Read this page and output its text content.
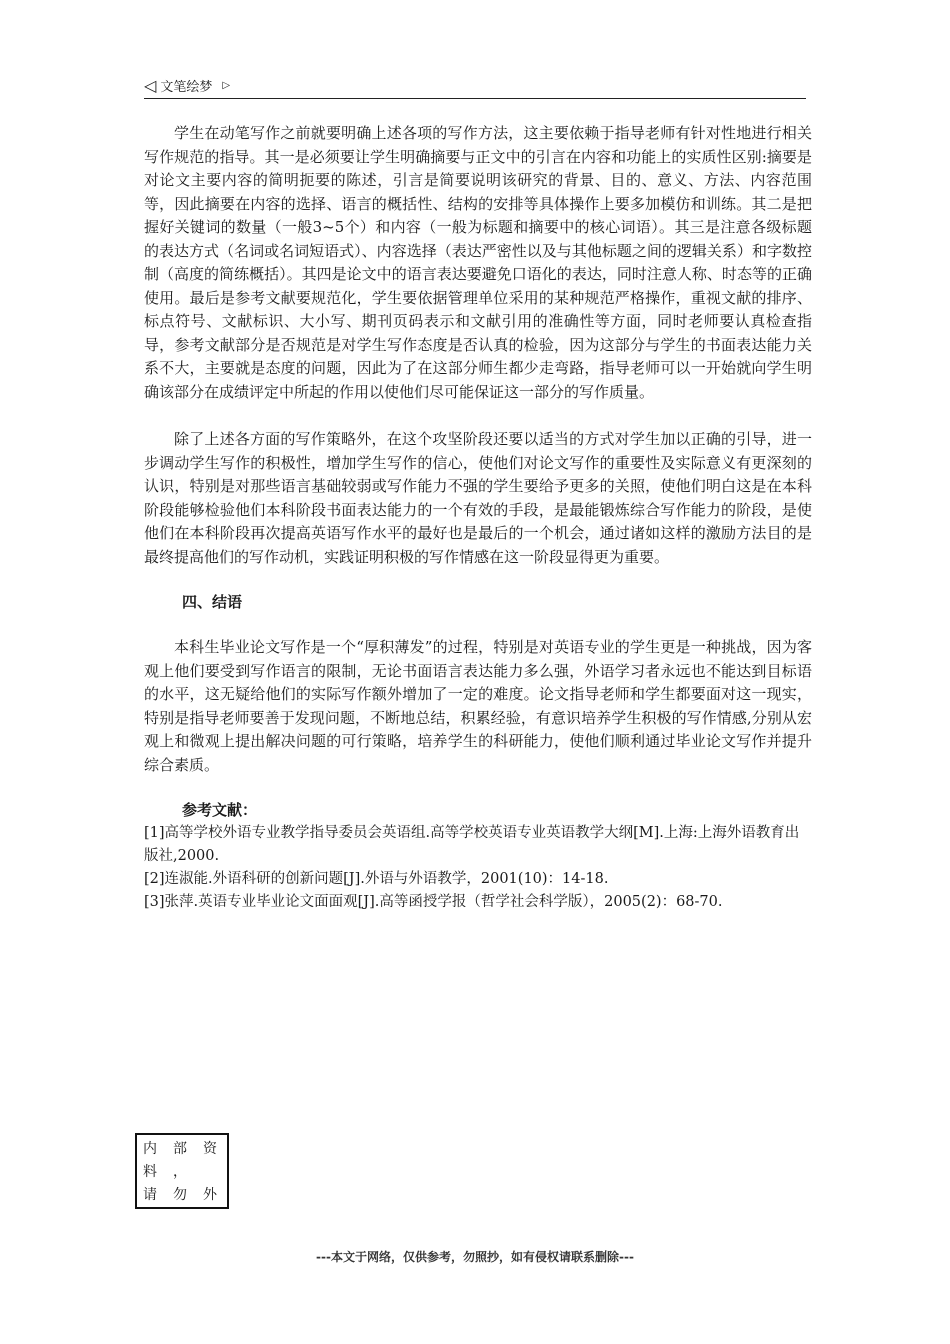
◁ 文笔绘梦 ▷

学生在动笔写作之前就要明确上述各项的写作方法，这主要依赖于指导老师有针对性地进行相关写作规范的指导。其一是必须要让学生明确摘要与正文中的引言在内容和功能上的实质性区别:摘要是对论文主要内容的简明扼要的陈述，引言是简要说明该研究的背景、目的、意义、方法、内容范围等，因此摘要在内容的选择、语言的概括性、结构的安排等具体操作上要多加模仿和训练。其二是把握好关键词的数量（一般3~5个）和内容（一般为标题和摘要中的核心词语）。其三是注意各级标题的表达方式（名词或名词短语式）、内容选择（表达严密性以及与其他标题之间的逻辑关系）和字数控制（高度的简练概括）。其四是论文中的语言表达要避免口语化的表达，同时注意人称、时态等的正确使用。最后是参考文献要规范化，学生要依据管理单位采用的某种规范严格操作，重视文献的排序、标点符号、文献标识、大小写、期刊页码表示和文献引用的准确性等方面，同时老师要认真检查指导，参考文献部分是否规范是对学生写作态度是否认真的检验，因为这部分与学生的书面表达能力关系不大，主要就是态度的问题，因此为了在这部分师生都少走弯路，指导老师可以一开始就向学生明确该部分在成绩评定中所起的作用以使他们尽可能保证这一部分的写作质量。

除了上述各方面的写作策略外，在这个攻坚阶段还要以适当的方式对学生加以正确的引导，进一步调动学生写作的积极性，增加学生写作的信心，使他们对论文写作的重要性及实际意义有更深刻的认识，特别是对那些语言基础较弱或写作能力不强的学生要给予更多的关照，使他们明白这是在本科阶段能够检验他们本科阶段书面表达能力的一个有效的手段，是最能锻炼综合写作能力的阶段，是使他们在本科阶段再次提高英语写作水平的最好也是最后的一个机会，通过诸如这样的激励方法目的是最终提高他们的写作动机，实践证明积极的写作情感在这一阶段显得更为重要。

四、结语

本科生毕业论文写作是一个“厚积薄发”的过程，特别是对英语专业的学生更是一种挑战，因为客观上他们要受到写作语言的限制，无论书面语言表达能力多么强，外语学习者永远也不能达到目标语的水平，这无疑给他们的实际写作额外增加了一定的难度。论文指导老师和学生都要面对这一现实，特别是指导老师要善于发现问题，不断地总结，积累经验，有意识培养学生积极的写作情感,分别从宏观上和微观上提出解决问题的可行策略，培养学生的科研能力，使他们顺利通过毕业论文写作并提升综合素质。

参考文献：

[1]高等学校外语专业教学指导委员会英语组.高等学校英语专业英语教学大纲[M].上海:上海外语教育出版社,2000.

[2]连淑能.外语科研的创新问题[J].外语与外语教学，2001(10)：14-18.

[3]张萍.英语专业毕业论文面面观[J].高等函授学报（哲学社会科学版），2005(2)：68-70.

内部资
料，
请勿外
---本文于网络，仅供参考，勿照抄，如有侵权请联系删除---
